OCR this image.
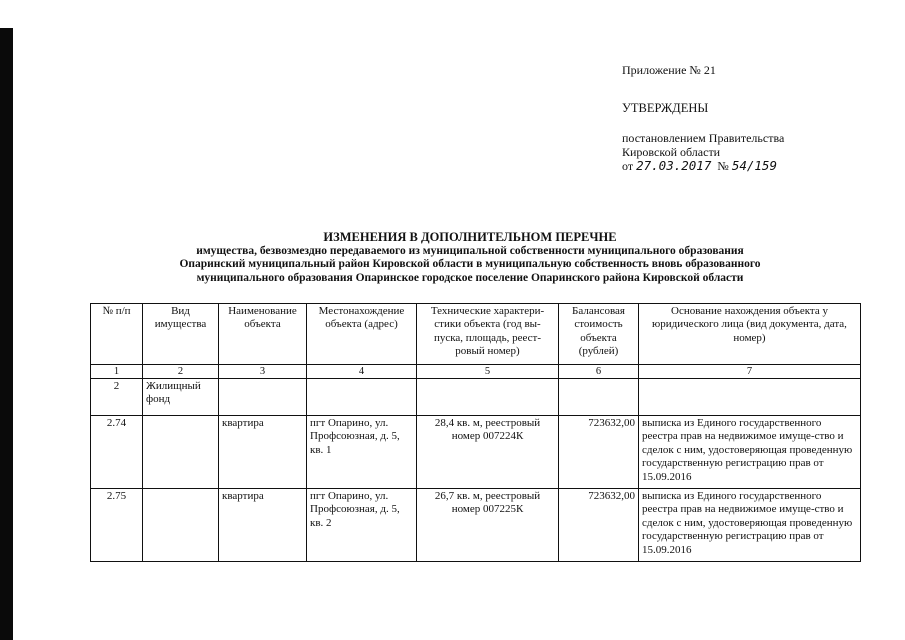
Приложение № 21
УТВЕРЖДЕНЫ
постановлением Правительства
Кировской области
от 27.03.2017 № 54/159
ИЗМЕНЕНИЯ В ДОПОЛНИТЕЛЬНОМ ПЕРЕЧНЕ
имущества, безвозмездно передаваемого из муниципальной собственности муниципального образования
Опаринский муниципальный район Кировской области в муниципальную собственность вновь образованного
муниципального образования Опаринское городское поселение Опаринского района Кировской области
№ п/п	Вид имущества	Наименование объекта	Местонахождение объекта (адрес)	Технические характери-стики объекта (год вы-пуска, площадь, реест-ровый номер)	Балансовая стоимость объекта (рублей)	Основание нахождения объекта у юридического лица (вид документа, дата, номер)
1	2	3	4	5	6	7
2	Жилищный фонд					
2.74		квартира	пгт Опарино, ул. Профсоюзная, д. 5, кв. 1	28,4 кв. м, реестровый номер 007224К	723632,00	выписка из Единого государственного реестра прав на недвижимое имуще-ство и сделок с ним, удостоверяющая проведенную государственную регистрацию прав от 15.09.2016
2.75		квартира	пгт Опарино, ул. Профсоюзная, д. 5, кв. 2	26,7 кв. м, реестровый номер 007225К	723632,00	выписка из Единого государственного реестра прав на недвижимое имуще-ство и сделок с ним, удостоверяющая проведенную государственную регистрацию прав от 15.09.2016
